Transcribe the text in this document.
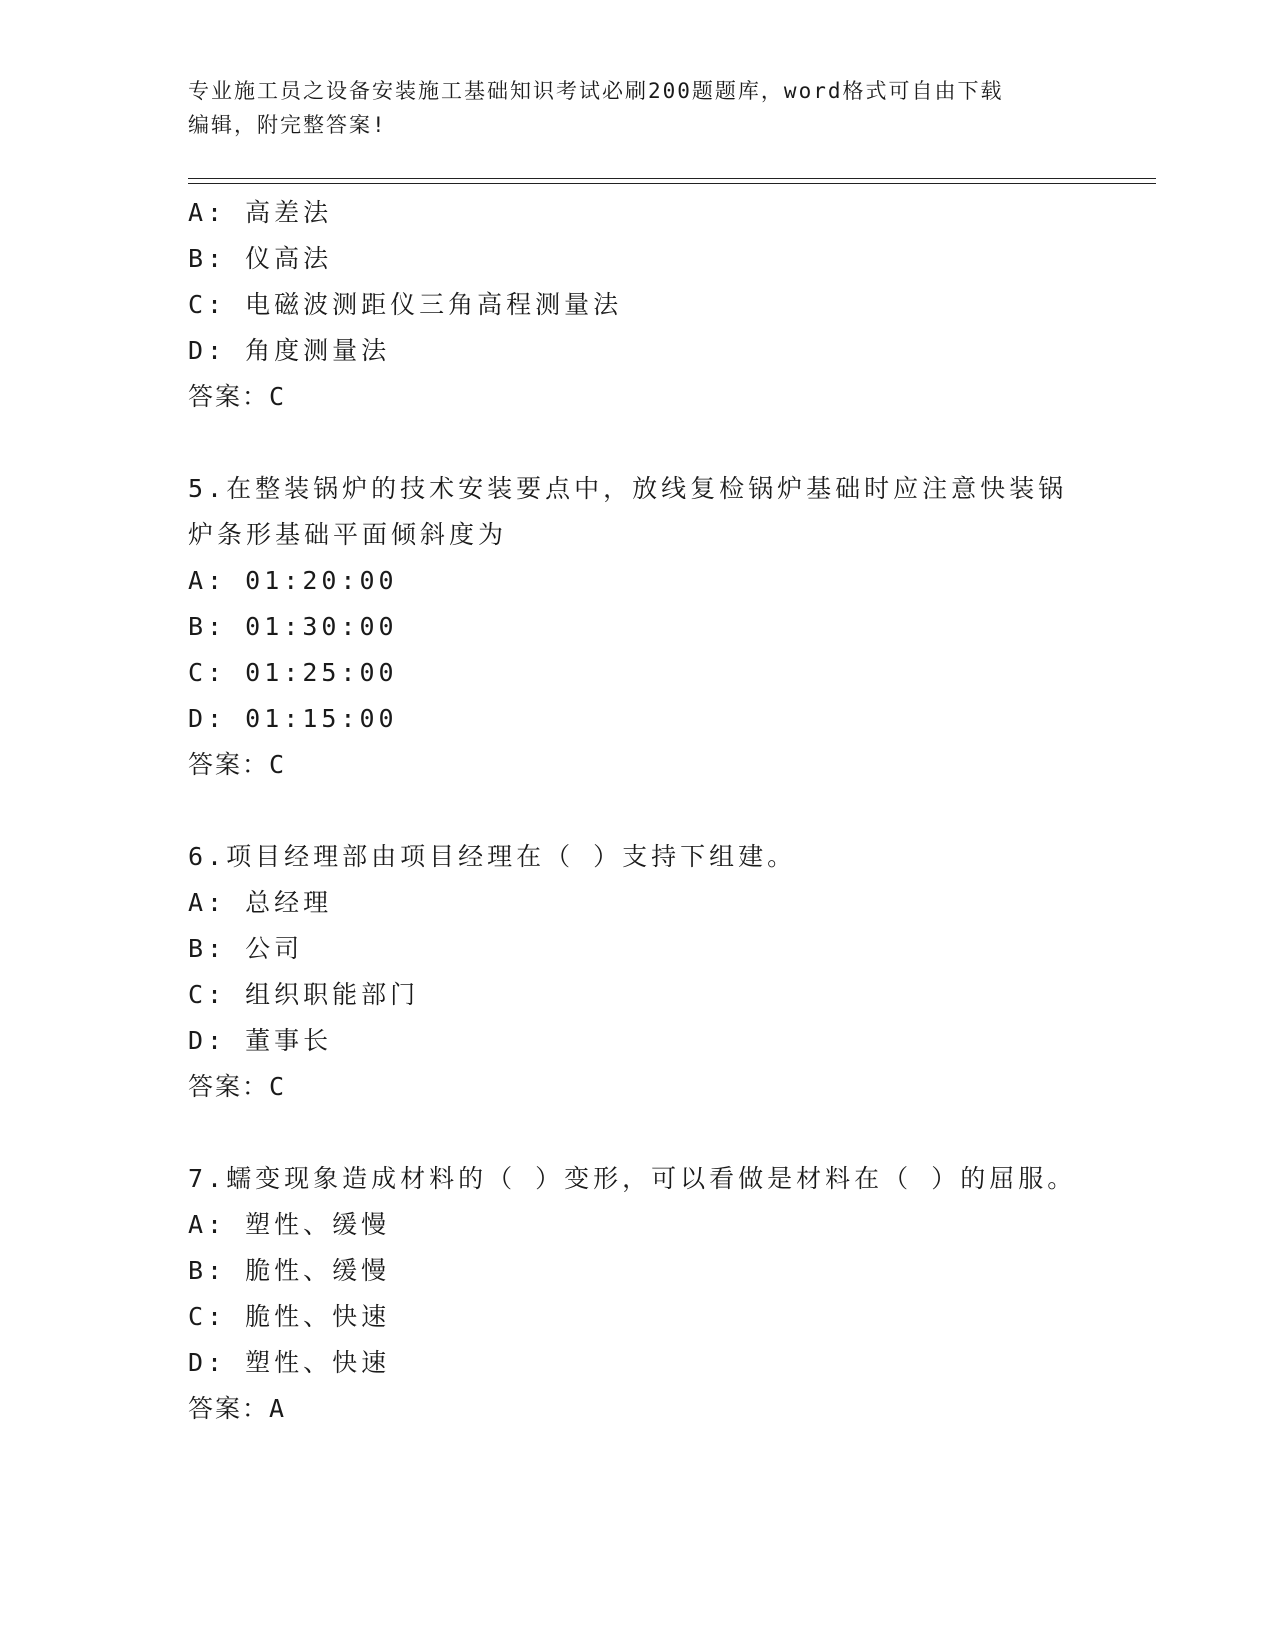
专业施工员之设备安装施工基础知识考试必刷200题题库，word格式可自由下载
编辑，附完整答案!
A: 高差法
B: 仪高法
C: 电磁波测距仪三角高程测量法
D: 角度测量法
答案：C
5.在整装锅炉的技术安装要点中，放线复检锅炉基础时应注意快装锅
炉条形基础平面倾斜度为
A: 01:20:00
B: 01:30:00
C: 01:25:00
D: 01:15:00
答案：C
6.项目经理部由项目经理在（ ）支持下组建。
A: 总经理
B: 公司
C: 组织职能部门
D: 董事长
答案：C
7.蠕变现象造成材料的（ ）变形，可以看做是材料在（ ）的屈服。
A: 塑性、缓慢
B: 脆性、缓慢
C: 脆性、快速
D: 塑性、快速
答案：A
